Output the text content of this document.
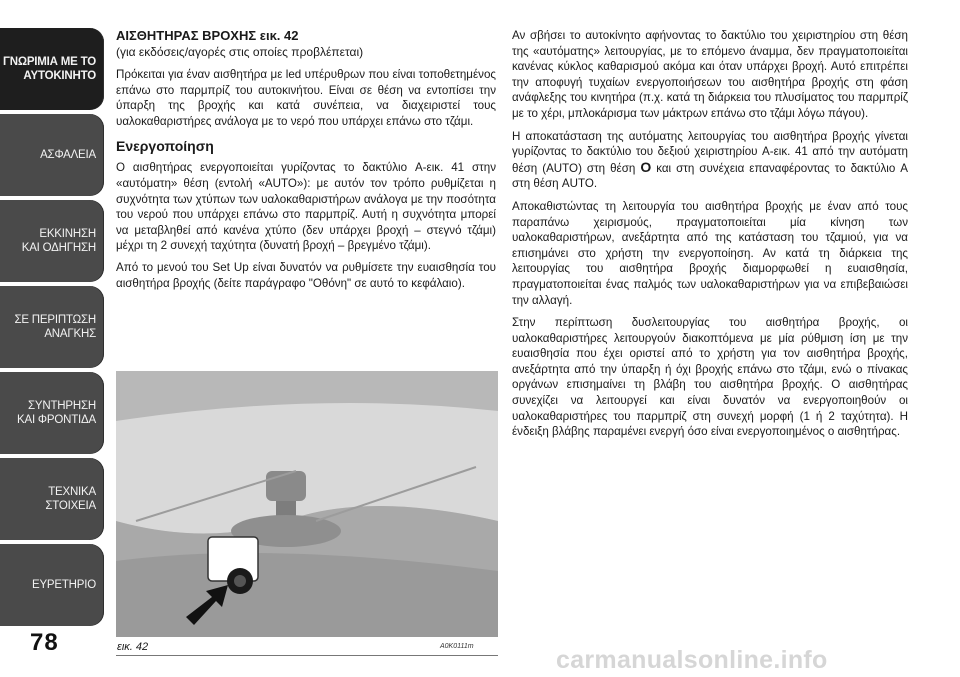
ΓΝΩΡΙΜΙΑ ΜΕ ΤΟ
ΑΥΤΟΚΙΝΗΤΟ
ΑΣΦΑΛΕΙΑ
ΕΚΚΙΝΗΣΗ
ΚΑΙ ΟΔΗΓΗΣΗ
ΣΕ ΠΕΡΙΠΤΩΣΗ
ΑΝΑΓΚΗΣ
ΣΥΝΤΗΡΗΣΗ
ΚΑΙ ΦΡΟΝΤΙΔΑ
ΤΕΧΝΙΚΑ
ΣΤΟΙΧΕΙΑ
ΕΥΡΕΤΗΡΙΟ
78
ΑΙΣΘΗΤΗΡΑΣ ΒΡΟΧΗΣ εικ. 42
(για εκδόσεις/αγορές στις οποίες προβλέπεται)

Πρόκειται για έναν αισθητήρα με led υπέρυθρων που είναι τοποθετημένος επάνω στο παρμπρίζ του αυτοκινήτου. Είναι σε θέση να εντοπίσει την ύπαρξη της βροχής και κατά συνέπεια, να διαχειριστεί τους υαλοκαθαριστήρες ανάλογα με το νερό που υπάρχει επάνω στο τζάμι.

Ενεργοποίηση

Ο αισθητήρας ενεργοποιείται γυρίζοντας το δακτύλιο A-εικ. 41 στην «αυτόματη» θέση (εντολή «AUTO»): με αυτόν τον τρόπο ρυθμίζεται η συχνότητα των χτύπων των υαλοκαθαριστήρων ανάλογα με την ποσότητα του νερού που υπάρχει επάνω στο παρμπρίζ. Αυτή η συχνότητα μπορεί να μεταβληθεί από κανένα χτύπο (δεν υπάρχει βροχή – στεγνό τζάμι) μέχρι τη 2 συνεχή ταχύτητα (δυνατή βροχή – βρεγμένο τζάμι).

Από το μενού του Set Up είναι δυνατόν να ρυθμίσετε την ευαισθησία του αισθητήρα βροχής (δείτε παράγραφο "Οθόνη" σε αυτό το κεφάλαιο).

εικ. 42	A0K0111m

Αν σβήσει το αυτοκίνητο αφήνοντας το δακτύλιο του χειριστηρίου στη θέση της «αυτόματης» λειτουργίας, με το επόμενο άναμμα, δεν πραγματοποιείται κανένας κύκλος καθαρισμού ακόμα και όταν υπάρχει βροχή. Αυτό επιτρέπει την αποφυγή τυχαίων ενεργοποιήσεων του αισθητήρα βροχής στη φάση ανάφλεξης του κινητήρα (π.χ. κατά τη διάρκεια του πλυσίματος του παρμπρίζ με το χέρι, μπλοκάρισμα των μάκτρων επάνω στο τζάμι λόγω πάγου).

Η αποκατάσταση της αυτόματης λειτουργίας του αισθητήρα βροχής γίνεται γυρίζοντας το δακτύλιο του δεξιού χειριστηρίου A-εικ. 41 από την αυτόματη θέση (AUTO) στη θέση O και στη συνέχεια επαναφέροντας το δακτύλιο A στη θέση AUTO.

Αποκαθιστώντας τη λειτουργία του αισθητήρα βροχής με έναν από τους παραπάνω χειρισμούς, πραγματοποιείται μία κίνηση των υαλοκαθαριστήρων, ανεξάρτητα από της κατάσταση του τζαμιού, για να επισημάνει στο χρήστη την ενεργοποίηση. Αν κατά τη διάρκεια της λειτουργίας του αισθητήρα βροχής διαμορφωθεί η ευαισθησία, πραγματοποιείται ένας παλμός των υαλοκαθαριστήρων για να επιβεβαιώσει την αλλαγή.

Στην περίπτωση δυσλειτουργίας του αισθητήρα βροχής, οι υαλοκαθαριστήρες λειτουργούν διακοπτόμενα με μία ρύθμιση ίση με την ευαισθησία που έχει οριστεί από το χρήστη για τον αισθητήρα βροχής, ανεξάρτητα από την ύπαρξη ή όχι βροχής επάνω στο τζάμι, ενώ ο πίνακας οργάνων επισημαίνει τη βλάβη του αισθητήρα βροχής. Ο αισθητήρας συνεχίζει να λειτουργεί και είναι δυνατόν να ενεργοποιηθούν οι υαλοκαθαριστήρες του παρμπρίζ στη συνεχή μορφή (1 ή 2 ταχύτητα). Η ένδειξη βλάβης παραμένει ενεργή όσο είναι ενεργοποιημένος ο αισθητήρας.

carmanualsonline.info
